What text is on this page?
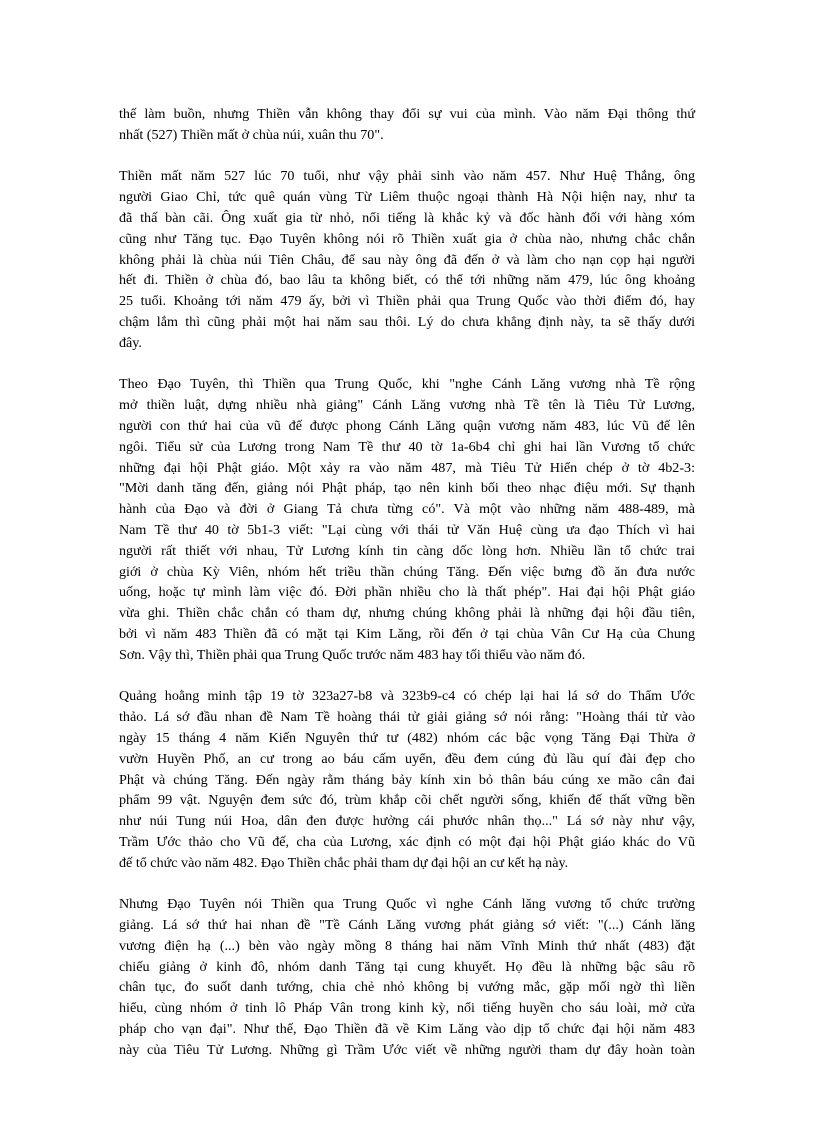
thế làm buồn, nhưng Thiền vẫn không thay đổi sự vui của mình. Vào năm Đại thông thứ
nhất (527) Thiền mất ở chùa núi, xuân thu 70".
Thiền mất năm 527 lúc 70 tuổi, như vậy phải sinh vào năm 457. Như Huệ Thắng, ông
người Giao Chỉ, tức quê quán vùng Từ Liêm thuộc ngoại thành Hà Nội hiện nay, như ta
đã thấ bàn cãi. Ông xuất gia từ nhỏ, nổi tiếng là khắc kỷ và đốc hành đối với hàng xóm
cũng như Tăng tục. Đạo Tuyên không nói rõ Thiền xuất gia ở chùa nào, nhưng chắc chắn
không phải là chùa núi Tiên Châu, để sau này ông đã đến ở và làm cho nạn cọp hại người
hết đi. Thiền ở chùa đó, bao lâu ta không biết, có thể tới những năm 479, lúc ông khoảng
25 tuổi. Khoảng tới năm 479 ấy, bởi vì Thiền phải qua Trung Quốc vào thời điểm đó, hay
chậm lắm thì cũng phải một hai năm sau thôi. Lý do chưa khẳng định này, ta sẽ thấy dưới
đây.
Theo Đạo Tuyên, thì Thiền qua Trung Quốc, khi "nghe Cánh Lăng vương nhà Tề rộng
mở thiền luật, dựng nhiều nhà giảng" Cánh Lăng vương nhà Tề tên là Tiêu Tử Lương,
người con thứ hai của vũ đế được phong Cánh Lăng quận vương năm 483, lúc Vũ đế lên
ngôi. Tiểu sử của Lương trong Nam Tề thư 40 tờ 1a-6b4 chỉ ghi hai lần Vương tổ chức
những đại hội Phật giáo. Một xảy ra vào năm 487, mà Tiêu Tử Hiển chép ở tờ 4b2-3:
"Mời danh tăng đến, giảng nói Phật pháp, tạo nên kinh bối theo nhạc điệu mới. Sự thạnh
hành của Đạo và đời ở Giang Tả chưa từng có". Và một vào những năm 488-489, mà
Nam Tề thư 40 tờ 5b1-3 viết: "Lại cùng với thái tử Văn Huệ cùng ưa đạo Thích vì hai
người rất thiết với nhau, Tử Lương kính tin càng dốc lòng hơn. Nhiều lần tổ chức trai
giới ở chùa Kỳ Viên, nhóm hết triều thần chúng Tăng. Đến việc bưng đồ ăn đưa nước
uống, hoặc tự mình làm việc đó. Đời phần nhiều cho là thất phép". Hai đại hội Phật giáo
vừa ghi. Thiền chắc chắn có tham dự, nhưng chúng không phải là những đại hội đầu tiên,
bởi vì năm 483 Thiền đã có mặt tại Kim Lăng, rồi đến ở tại chùa Vân Cư Hạ của Chung
Sơn. Vậy thì, Thiền phải qua Trung Quốc trước năm 483 hay tối thiểu vào năm đó.
Quảng hoằng minh tập 19 tờ 323a27-b8 và 323b9-c4 có chép lại hai lá sớ do Thẩm Ước
thảo. Lá sớ đầu nhan đề Nam Tề hoàng thái tử giải giảng sớ nói rằng: "Hoàng thái tử vào
ngày 15 tháng 4 năm Kiến Nguyên thứ tư (482) nhóm các bậc vọng Tăng Đại Thừa ở
vườn Huyền Phố, an cư trong ao báu cấm uyển, đều đem cúng đủ lầu quí đài đẹp cho
Phật và chúng Tăng. Đến ngày rằm tháng bảy kính xin bỏ thân báu cúng xe mão cân đai
phẩm 99 vật. Nguyện đem sức đó, trùm khắp cõi chết người sống, khiến đế thất vững bền
như núi Tung núi Hoa, dân đen được hưởng cái phước nhân thọ..." Lá sớ này như vậy,
Trầm Ước thảo cho Vũ đế, cha của Lương, xác định có một đại hội Phật giáo khác do Vũ
đế tổ chức vào năm 482. Đạo Thiền chắc phải tham dự đại hội an cư kết hạ này.
Nhưng Đạo Tuyên nói Thiền qua Trung Quốc vì nghe Cánh lăng vương tổ chức trường
giảng. Lá sớ thứ hai nhan đề "Tề Cánh Lăng vương phát giảng sớ viết: "(...) Cánh lăng
vương điện hạ (...) bèn vào ngày mồng 8 tháng hai năm Vĩnh Minh thứ nhất (483) đặt
chiếu giảng ở kinh đô, nhóm danh Tăng tại cung khuyết. Họ đều là những bậc sâu rõ
chân tục, đo suốt danh tướng, chia chẻ nhỏ không bị vướng mắc, gặp mối ngờ thì liền
hiểu, cùng nhóm ở tinh lô Pháp Vân trong kinh kỳ, nổi tiếng huyền cho sáu loài, mở cửa
pháp cho vạn đại". Như thế, Đạo Thiền đã về Kim Lăng vào dịp tổ chức đại hội năm 483
này của Tiêu Tử Lương. Những gì Trầm Ước viết về những người tham dự đây hoàn toàn
